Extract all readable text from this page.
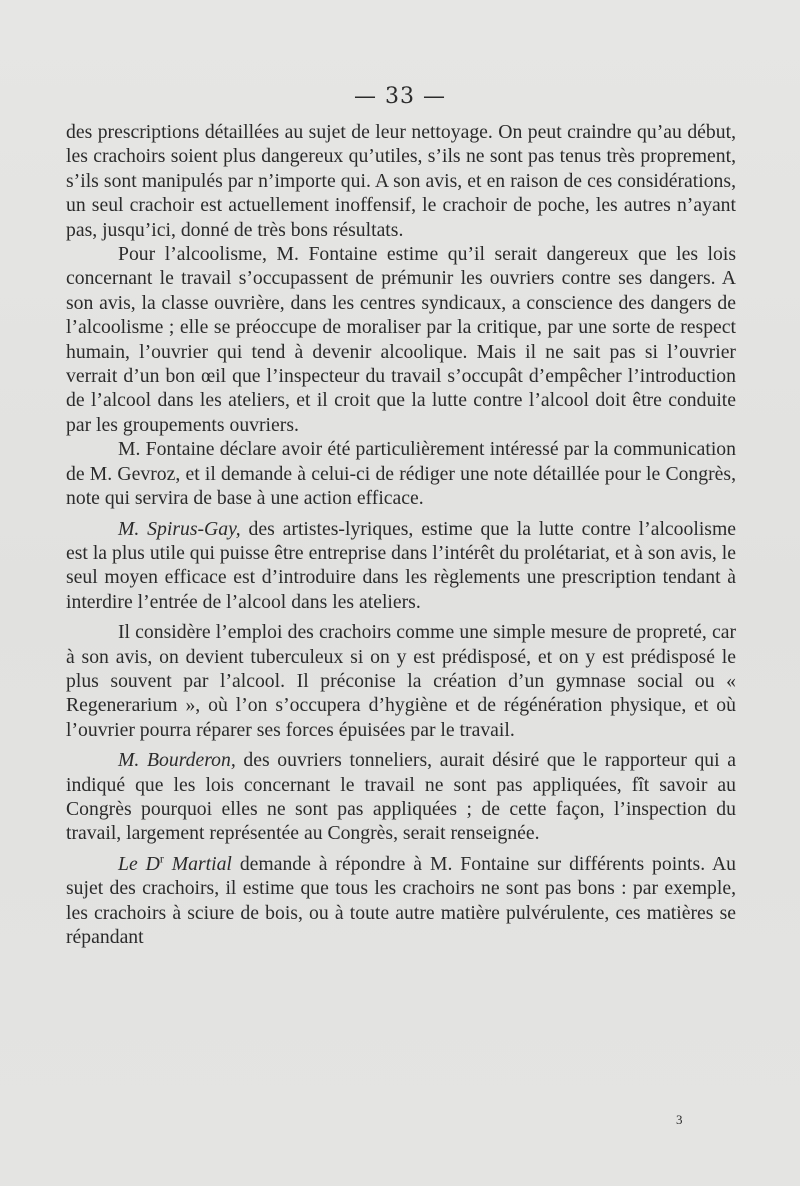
— 33 —

des prescriptions détaillées au sujet de leur nettoyage. On peut craindre qu’au début, les crachoirs soient plus dangereux qu’utiles, s’ils ne sont pas tenus très proprement, s’ils sont manipulés par n’importe qui. A son avis, et en raison de ces considérations, un seul crachoir est actuellement inoffensif, le crachoir de poche, les autres n’ayant pas, jusqu’ici, donné de très bons résultats.

Pour l’alcoolisme, M. Fontaine estime qu’il serait dangereux que les lois concernant le travail s’occupassent de prémunir les ouvriers contre ses dangers. A son avis, la classe ouvrière, dans les centres syndicaux, a conscience des dangers de l’alcoolisme ; elle se préoccupe de moraliser par la critique, par une sorte de respect humain, l’ouvrier qui tend à devenir alcoolique. Mais il ne sait pas si l’ouvrier verrait d’un bon œil que l’inspecteur du travail s’occupât d’empêcher l’introduction de l’alcool dans les ateliers, et il croit que la lutte contre l’alcool doit être conduite par les groupements ouvriers.

M. Fontaine déclare avoir été particulièrement intéressé par la communication de M. Gevroz, et il demande à celui-ci de rédiger une note détaillée pour le Congrès, note qui servira de base à une action efficace.

M. Spirus-Gay, des artistes-lyriques, estime que la lutte contre l’alcoolisme est la plus utile qui puisse être entreprise dans l’intérêt du prolétariat, et à son avis, le seul moyen efficace est d’introduire dans les règlements une prescription tendant à interdire l’entrée de l’alcool dans les ateliers.

Il considère l’emploi des crachoirs comme une simple mesure de propreté, car à son avis, on devient tuberculeux si on y est prédisposé, et on y est prédisposé le plus souvent par l’alcool. Il préconise la création d’un gymnase social ou « Regenerarium », où l’on s’occupera d’hygiène et de régénération physique, et où l’ouvrier pourra réparer ses forces épuisées par le travail.

M. Bourderon, des ouvriers tonneliers, aurait désiré que le rapporteur qui a indiqué que les lois concernant le travail ne sont pas appliquées, fît savoir au Congrès pourquoi elles ne sont pas appliquées ; de cette façon, l’inspection du travail, largement représentée au Congrès, serait renseignée.

Le $D^r$ Martial demande à répondre à M. Fontaine sur différents points. Au sujet des crachoirs, il estime que tous les crachoirs ne sont pas bons : par exemple, les crachoirs à sciure de bois, ou à toute autre matière pulvérulente, ces matières se répandant

3
